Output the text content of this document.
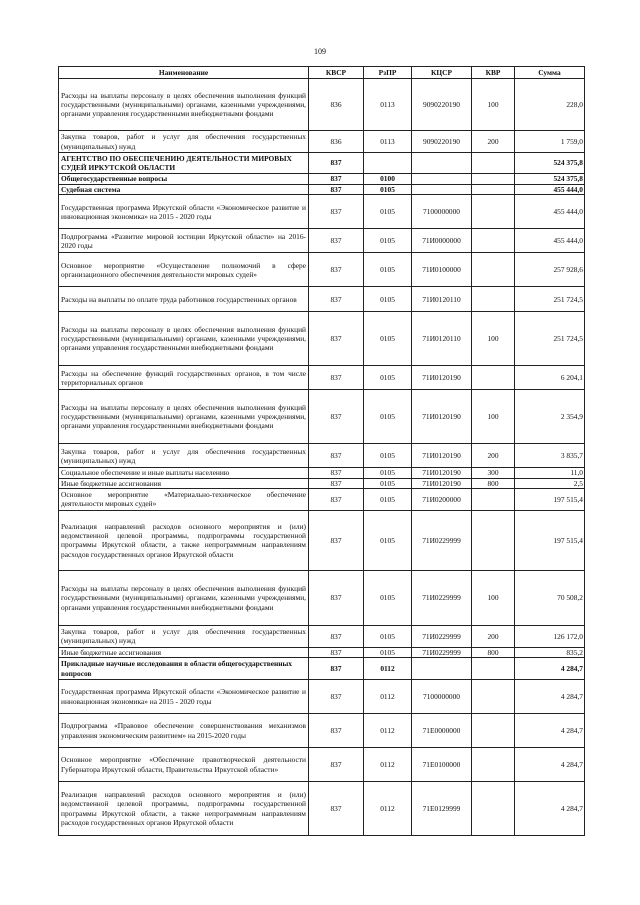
109
Наименование	КВСР	РзПР	КЦСР	КВР	Сумма
Расходы на выплаты персоналу в целях обеспечения выполнения функций государственными (муниципальными) органами, казенными учреждениями, органами управления государственными внебюджетными фондами	836	0113	9090220190	100	228,0
Закупка товаров, работ и услуг для обеспечения государственных (муниципальных) нужд	836	0113	9090220190	200	1 759,0
АГЕНТСТВО ПО ОБЕСПЕЧЕНИЮ ДЕЯТЕЛЬНОСТИ МИРОВЫХ СУДЕЙ ИРКУТСКОЙ ОБЛАСТИ	837				524 375,8
Общегосударственные вопросы	837	0100			524 375,8
Судебная система	837	0105			455 444,0
Государственная программа Иркутской области «Экономическое развитие и инновационная экономика» на 2015 - 2020 годы	837	0105	7100000000		455 444,0
Подпрограмма «Развитие мировой юстиции Иркутской области» на 2016-2020 годы	837	0105	71И0000000		455 444,0
Основное мероприятие «Осуществление полномочий в сфере организационного обеспечения деятельности мировых судей»	837	0105	71И0100000		257 928,6
Расходы на выплаты по оплате труда работников государственных органов	837	0105	71И0120110		251 724,5
Расходы на выплаты персоналу в целях обеспечения выполнения функций государственными (муниципальными) органами, казенными учреждениями, органами управления государственными внебюджетными фондами	837	0105	71И0120110	100	251 724,5
Расходы на обеспечение функций государственных органов, в том числе территориальных органов	837	0105	71И0120190		6 204,1
Расходы на выплаты персоналу в целях обеспечения выполнения функций государственными (муниципальными) органами, казенными учреждениями, органами управления государственными внебюджетными фондами	837	0105	71И0120190	100	2 354,9
Закупка товаров, работ и услуг для обеспечения государственных (муниципальных) нужд	837	0105	71И0120190	200	3 835,7
Социальное обеспечение и иные выплаты населению	837	0105	71И0120190	300	11,0
Иные бюджетные ассигнования	837	0105	71И0120190	800	2,5
Основное мероприятие «Материально-техническое обеспечение деятельности мировых судей»	837	0105	71И0200000		197 515,4
Реализация направлений расходов основного мероприятия и (или) ведомственной целевой программы, подпрограммы государственной программы Иркутской области, а также непрограммным направлениям расходов государственных органов Иркутской области	837	0105	71И0229999		197 515,4
Расходы на выплаты персоналу в целях обеспечения выполнения функций государственными (муниципальными) органами, казенными учреждениями, органами управления государственными внебюджетными фондами	837	0105	71И0229999	100	70 508,2
Закупка товаров, работ и услуг для обеспечения государственных (муниципальных) нужд	837	0105	71И0229999	200	126 172,0
Иные бюджетные ассигнования	837	0105	71И0229999	800	835,2
Прикладные научные исследования в области общегосударственных вопросов	837	0112			4 284,7
Государственная программа Иркутской области «Экономическое развитие и инновационная экономика» на 2015 - 2020 годы	837	0112	7100000000		4 284,7
Подпрограмма «Правовое обеспечение совершенствования механизмов управления экономическим развитием» на 2015-2020 годы	837	0112	71Е0000000		4 284,7
Основное мероприятие «Обеспечение правотворческой деятельности Губернатора Иркутской области, Правительства Иркутской области»	837	0112	71Е0100000		4 284,7
Реализация направлений расходов основного мероприятия и (или) ведомственной целевой программы, подпрограммы государственной программы Иркутской области, а также непрограммным направлениям расходов государственных органов Иркутской области	837	0112	71Е0129999		4 284,7
